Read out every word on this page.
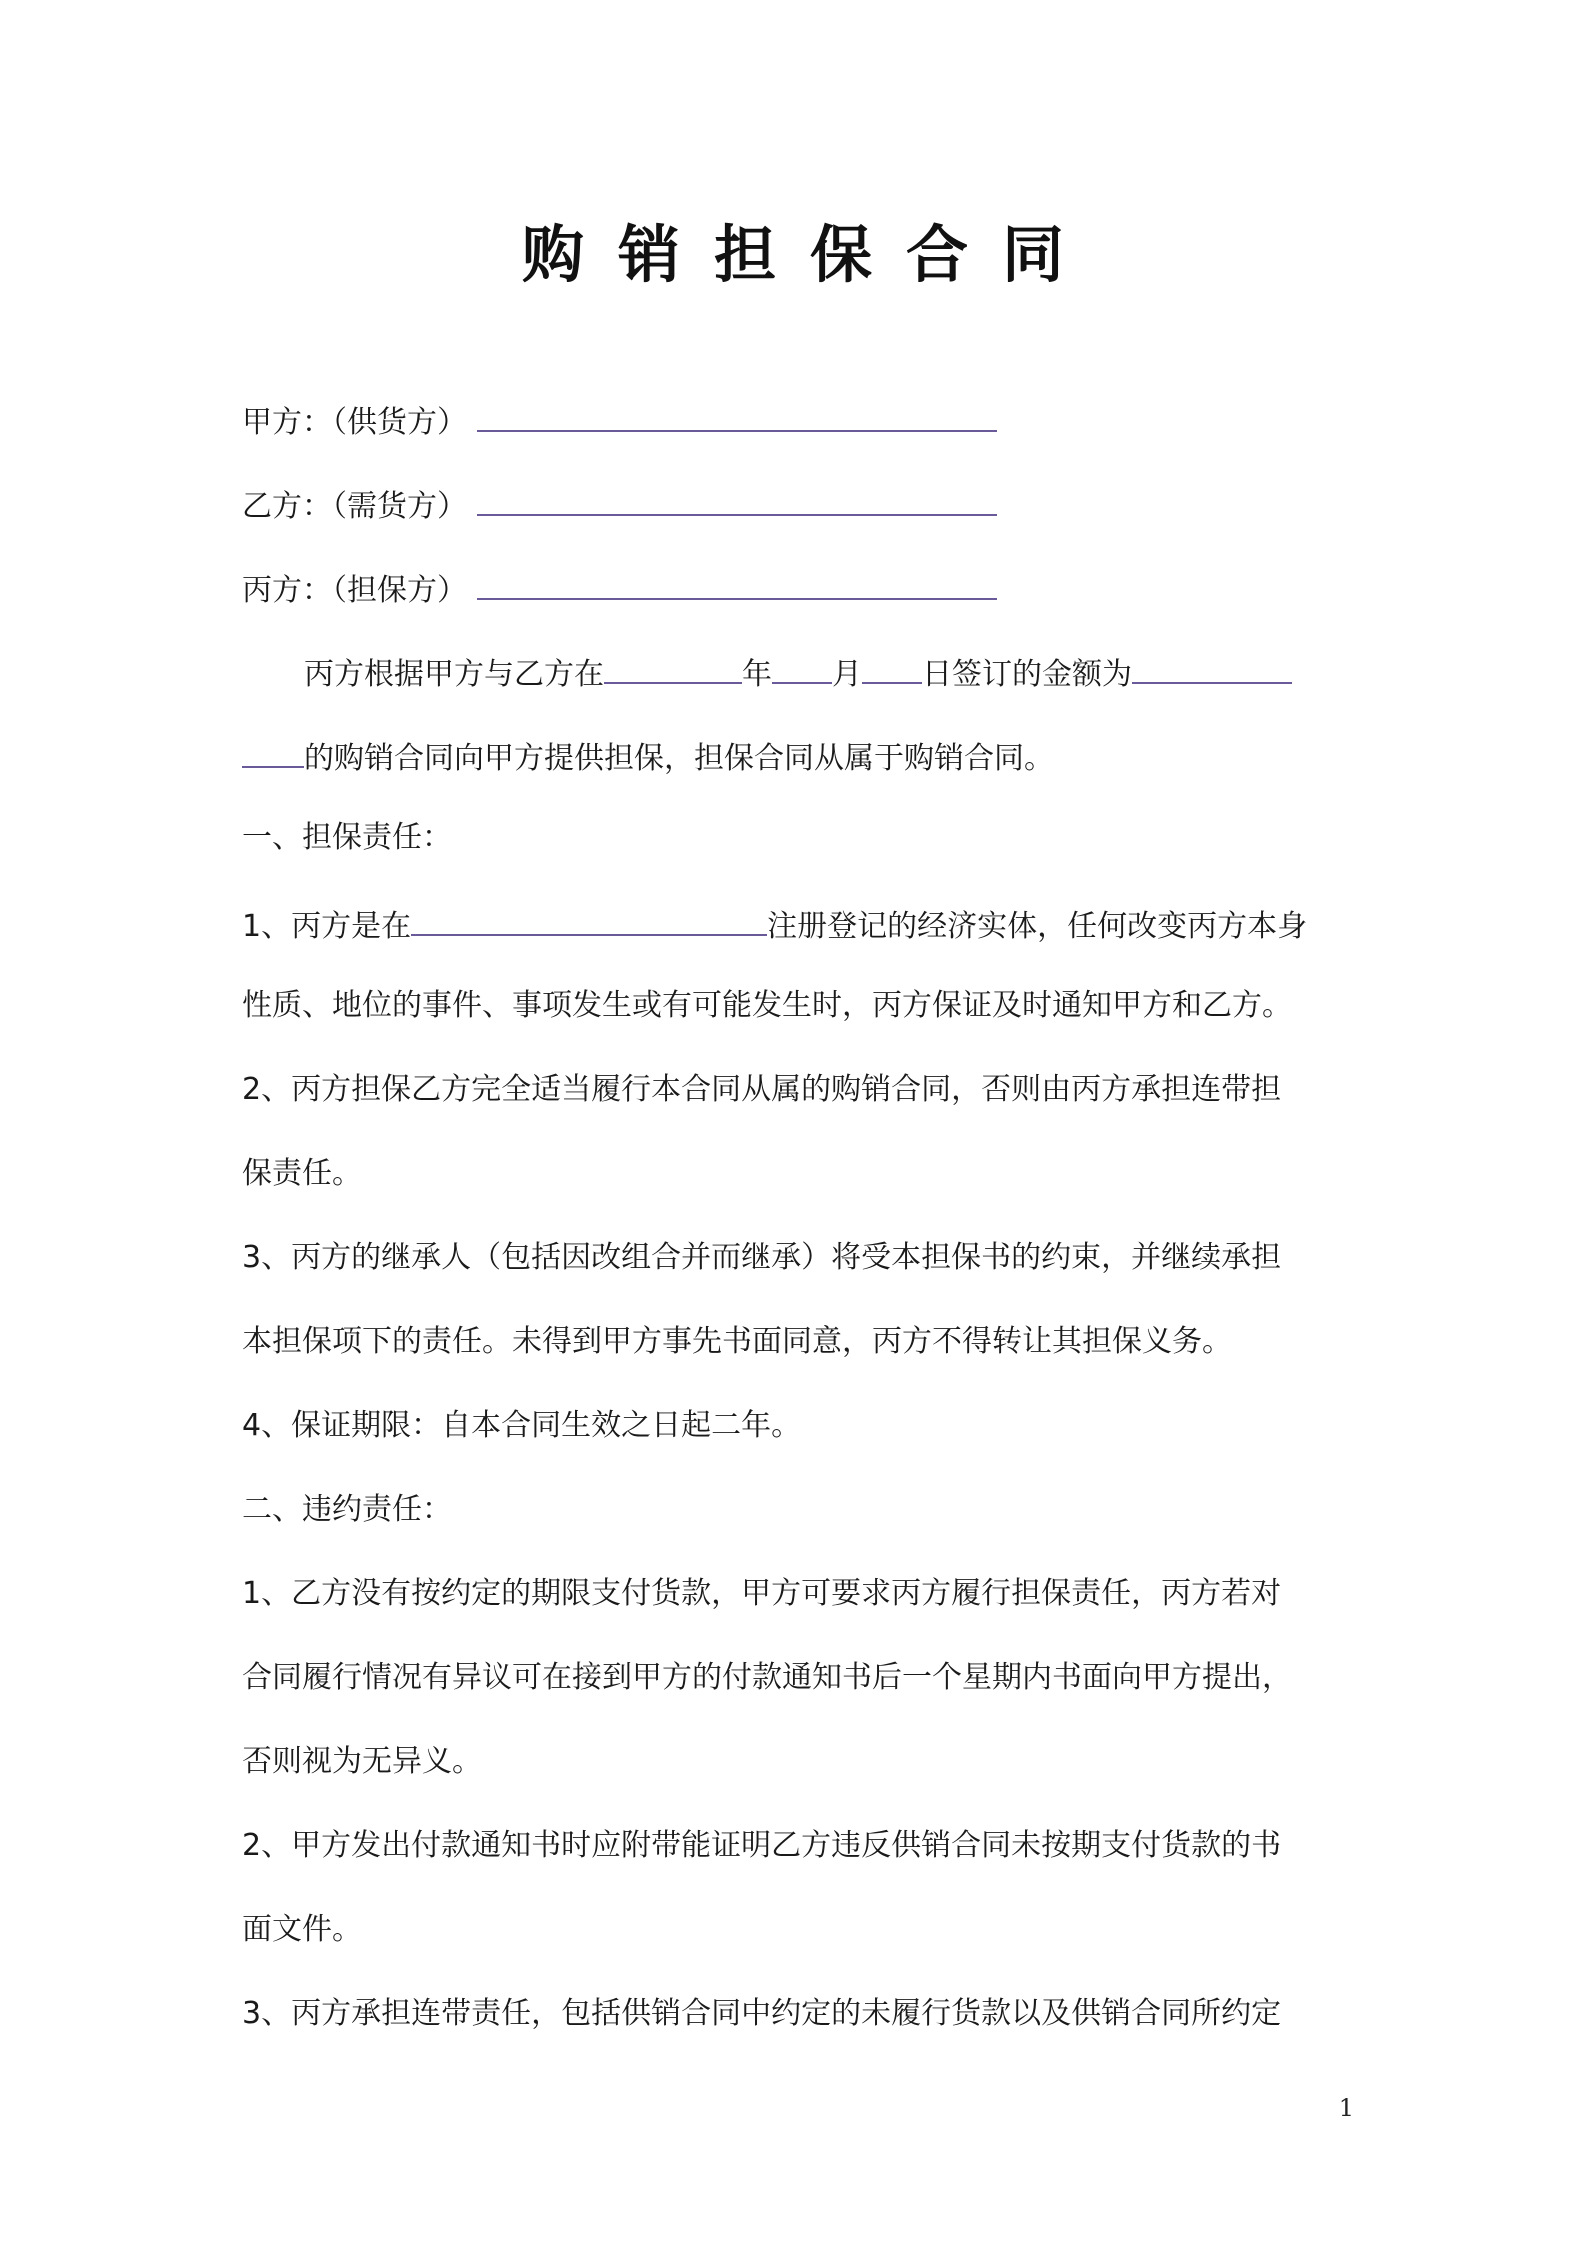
购销担保合同
甲方：（供货方）
乙方：（需货方）
丙方：（担保方）
丙方根据甲方与乙方在	年 月 日签订的金额为
的购销合同向甲方提供担保，担保合同从属于购销合同。
一、担保责任：
1、丙方是在	注册登记的经济实体，任何改变丙方本身
性质、地位的事件、事项发生或有可能发生时，丙方保证及时通知甲方和乙方。
2、丙方担保乙方完全适当履行本合同从属的购销合同，否则由丙方承担连带担
保责任。
3、丙方的继承人（包括因改组合并而继承）将受本担保书的约束，并继续承担
本担保项下的责任。未得到甲方事先书面同意，丙方不得转让其担保义务。
4、保证期限：自本合同生效之日起二年。
二、违约责任：
1、乙方没有按约定的期限支付货款，甲方可要求丙方履行担保责任，丙方若对
合同履行情况有异议可在接到甲方的付款通知书后一个星期内书面向甲方提出，
否则视为无异义。
2、甲方发出付款通知书时应附带能证明乙方违反供销合同未按期支付货款的书
面文件。
3、丙方承担连带责任，包括供销合同中约定的未履行货款以及供销合同所约定
1
